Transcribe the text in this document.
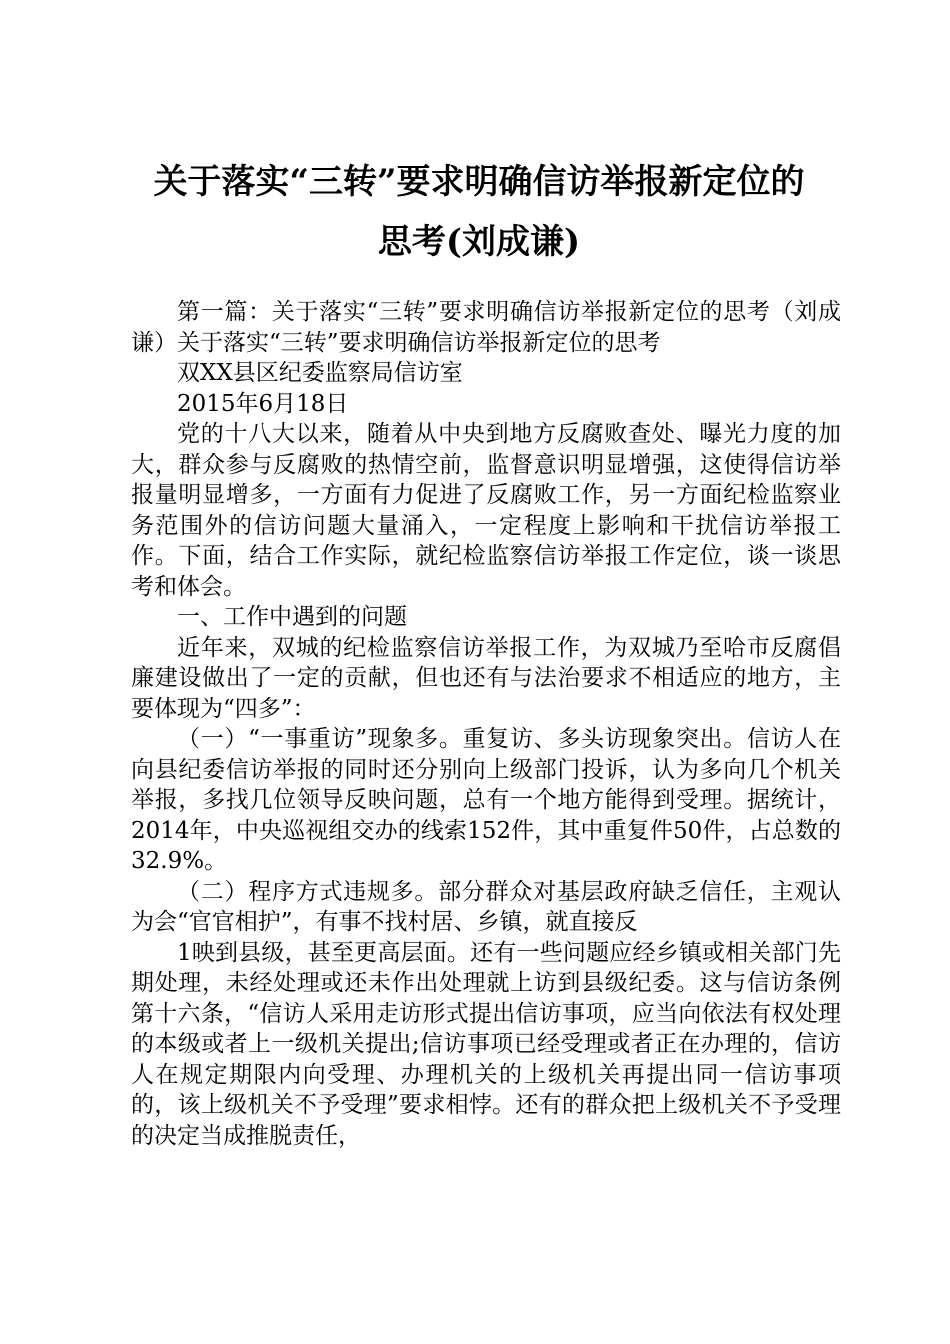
关于落实“三转”要求明确信访举报新定位的
思考(刘成谦)

第一篇：关于落实“三转”要求明确信访举报新定位的思考（刘成谦）关于落实“三转”要求明确信访举报新定位的思考

双XX县区纪委监察局信访室

2015年6月18日

党的十八大以来，随着从中央到地方反腐败查处、曝光力度的加大，群众参与反腐败的热情空前，监督意识明显增强，这使得信访举报量明显增多，一方面有力促进了反腐败工作，另一方面纪检监察业务范围外的信访问题大量涌入，一定程度上影响和干扰信访举报工作。下面，结合工作实际，就纪检监察信访举报工作定位，谈一谈思考和体会。

一、工作中遇到的问题

近年来，双城的纪检监察信访举报工作，为双城乃至哈市反腐倡廉建设做出了一定的贡献，但也还有与法治要求不相适应的地方，主要体现为“四多”：

（一）“一事重访”现象多。重复访、多头访现象突出。信访人在向县纪委信访举报的同时还分别向上级部门投诉，认为多向几个机关举报，多找几位领导反映问题，总有一个地方能得到受理。据统计，2014年，中央巡视组交办的线索152件，其中重复件50件，占总数的32.9%。

（二）程序方式违规多。部分群众对基层政府缺乏信任，主观认为会“官官相护”，有事不找村居、乡镇，就直接反

1映到县级，甚至更高层面。还有一些问题应经乡镇或相关部门先期处理，未经处理或还未作出处理就上访到县级纪委。这与信访条例第十六条，“信访人采用走访形式提出信访事项，应当向依法有权处理的本级或者上一级机关提出;信访事项已经受理或者正在办理的，信访人在规定期限内向受理、办理机关的上级机关再提出同一信访事项的，该上级机关不予受理”要求相悖。还有的群众把上级机关不予受理的决定当成推脱责任，
